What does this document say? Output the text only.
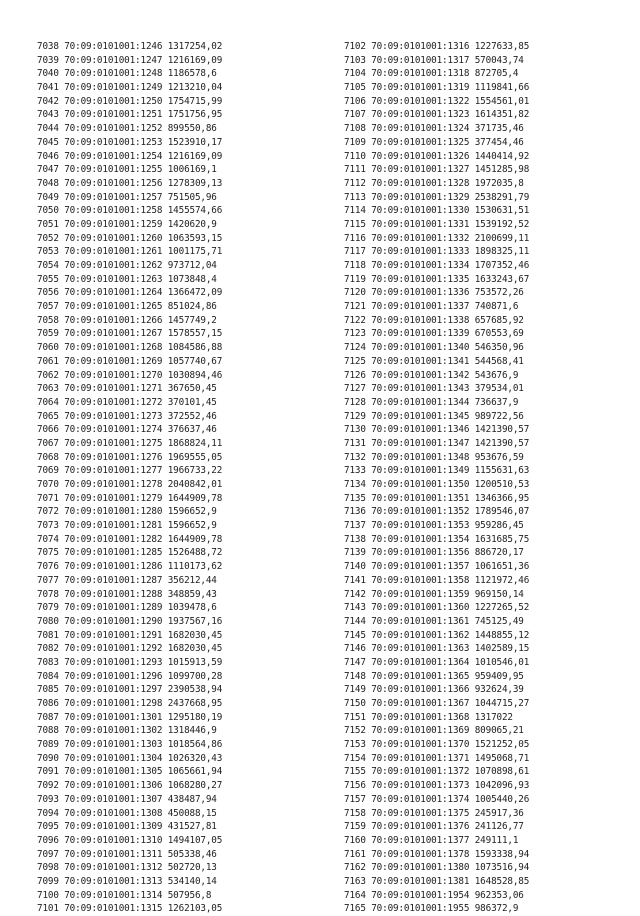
7038 70:09:0101001:1246 1317254,02
7039 70:09:0101001:1247 1216169,09
7040 70:09:0101001:1248 1186578,6
7041 70:09:0101001:1249 1213210,04
7042 70:09:0101001:1250 1754715,99
7043 70:09:0101001:1251 1751756,95
7044 70:09:0101001:1252 899550,86
7045 70:09:0101001:1253 1523910,17
7046 70:09:0101001:1254 1216169,09
7047 70:09:0101001:1255 1006169,1
7048 70:09:0101001:1256 1278309,13
7049 70:09:0101001:1257 751505,96
7050 70:09:0101001:1258 1455574,66
7051 70:09:0101001:1259 1420620,9
7052 70:09:0101001:1260 1063593,15
7053 70:09:0101001:1261 1001175,71
7054 70:09:0101001:1262 973712,04
7055 70:09:0101001:1263 1073848,4
7056 70:09:0101001:1264 1366472,09
7057 70:09:0101001:1265 851024,86
7058 70:09:0101001:1266 1457749,2
7059 70:09:0101001:1267 1578557,15
7060 70:09:0101001:1268 1084586,88
7061 70:09:0101001:1269 1057740,67
7062 70:09:0101001:1270 1030894,46
7063 70:09:0101001:1271 367650,45
7064 70:09:0101001:1272 370101,45
7065 70:09:0101001:1273 372552,46
7066 70:09:0101001:1274 376637,46
7067 70:09:0101001:1275 1868824,11
7068 70:09:0101001:1276 1969555,05
7069 70:09:0101001:1277 1966733,22
7070 70:09:0101001:1278 2040842,01
7071 70:09:0101001:1279 1644909,78
7072 70:09:0101001:1280 1596652,9
7073 70:09:0101001:1281 1596652,9
7074 70:09:0101001:1282 1644909,78
7075 70:09:0101001:1285 1526488,72
7076 70:09:0101001:1286 1110173,62
7077 70:09:0101001:1287 356212,44
7078 70:09:0101001:1288 348859,43
7079 70:09:0101001:1289 1039478,6
7080 70:09:0101001:1290 1937567,16
7081 70:09:0101001:1291 1682030,45
7082 70:09:0101001:1292 1682030,45
7083 70:09:0101001:1293 1015913,59
7084 70:09:0101001:1296 1099700,28
7085 70:09:0101001:1297 2390538,94
7086 70:09:0101001:1298 2437668,95
7087 70:09:0101001:1301 1295180,19
7088 70:09:0101001:1302 1318446,9
7089 70:09:0101001:1303 1018564,86
7090 70:09:0101001:1304 1026320,43
7091 70:09:0101001:1305 1065661,94
7092 70:09:0101001:1306 1068280,27
7093 70:09:0101001:1307 438487,94
7094 70:09:0101001:1308 450088,15
7095 70:09:0101001:1309 431527,81
7096 70:09:0101001:1310 1494107,05
7097 70:09:0101001:1311 505338,46
7098 70:09:0101001:1312 502720,13
7099 70:09:0101001:1313 534140,14
7100 70:09:0101001:1314 507956,8
7101 70:09:0101001:1315 1262103,05
7102 70:09:0101001:1316 1227633,85
7103 70:09:0101001:1317 570043,74
7104 70:09:0101001:1318 872705,4
7105 70:09:0101001:1319 1119841,66
7106 70:09:0101001:1322 1554561,01
7107 70:09:0101001:1323 1614351,82
7108 70:09:0101001:1324 371735,46
7109 70:09:0101001:1325 377454,46
7110 70:09:0101001:1326 1440414,92
7111 70:09:0101001:1327 1451285,98
7112 70:09:0101001:1328 1972035,8
7113 70:09:0101001:1329 2538291,79
7114 70:09:0101001:1330 1530631,51
7115 70:09:0101001:1331 1539192,52
7116 70:09:0101001:1332 2100699,11
7117 70:09:0101001:1333 1898325,11
7118 70:09:0101001:1334 1707352,46
7119 70:09:0101001:1335 1633243,67
7120 70:09:0101001:1336 753572,26
7121 70:09:0101001:1337 740871,6
7122 70:09:0101001:1338 657685,92
7123 70:09:0101001:1339 670553,69
7124 70:09:0101001:1340 546350,96
7125 70:09:0101001:1341 544568,41
7126 70:09:0101001:1342 543676,9
7127 70:09:0101001:1343 379534,01
7128 70:09:0101001:1344 736637,9
7129 70:09:0101001:1345 989722,56
7130 70:09:0101001:1346 1421390,57
7131 70:09:0101001:1347 1421390,57
7132 70:09:0101001:1348 953676,59
7133 70:09:0101001:1349 1155631,63
7134 70:09:0101001:1350 1200510,53
7135 70:09:0101001:1351 1346366,95
7136 70:09:0101001:1352 1789546,07
7137 70:09:0101001:1353 959286,45
7138 70:09:0101001:1354 1631685,75
7139 70:09:0101001:1356 886720,17
7140 70:09:0101001:1357 1061651,36
7141 70:09:0101001:1358 1121972,46
7142 70:09:0101001:1359 969150,14
7143 70:09:0101001:1360 1227265,52
7144 70:09:0101001:1361 745125,49
7145 70:09:0101001:1362 1448855,12
7146 70:09:0101001:1363 1402589,15
7147 70:09:0101001:1364 1010546,01
7148 70:09:0101001:1365 959409,95
7149 70:09:0101001:1366 932624,39
7150 70:09:0101001:1367 1044715,27
7151 70:09:0101001:1368 1317022
7152 70:09:0101001:1369 809065,21
7153 70:09:0101001:1370 1521252,05
7154 70:09:0101001:1371 1495068,71
7155 70:09:0101001:1372 1070898,61
7156 70:09:0101001:1373 1042096,93
7157 70:09:0101001:1374 1005440,26
7158 70:09:0101001:1375 245917,36
7159 70:09:0101001:1376 241126,77
7160 70:09:0101001:1377 249111,1
7161 70:09:0101001:1378 1593338,94
7162 70:09:0101001:1380 1073516,94
7163 70:09:0101001:1381 1648528,85
7164 70:09:0101001:1954 962353,06
7165 70:09:0101001:1955 986372,9
